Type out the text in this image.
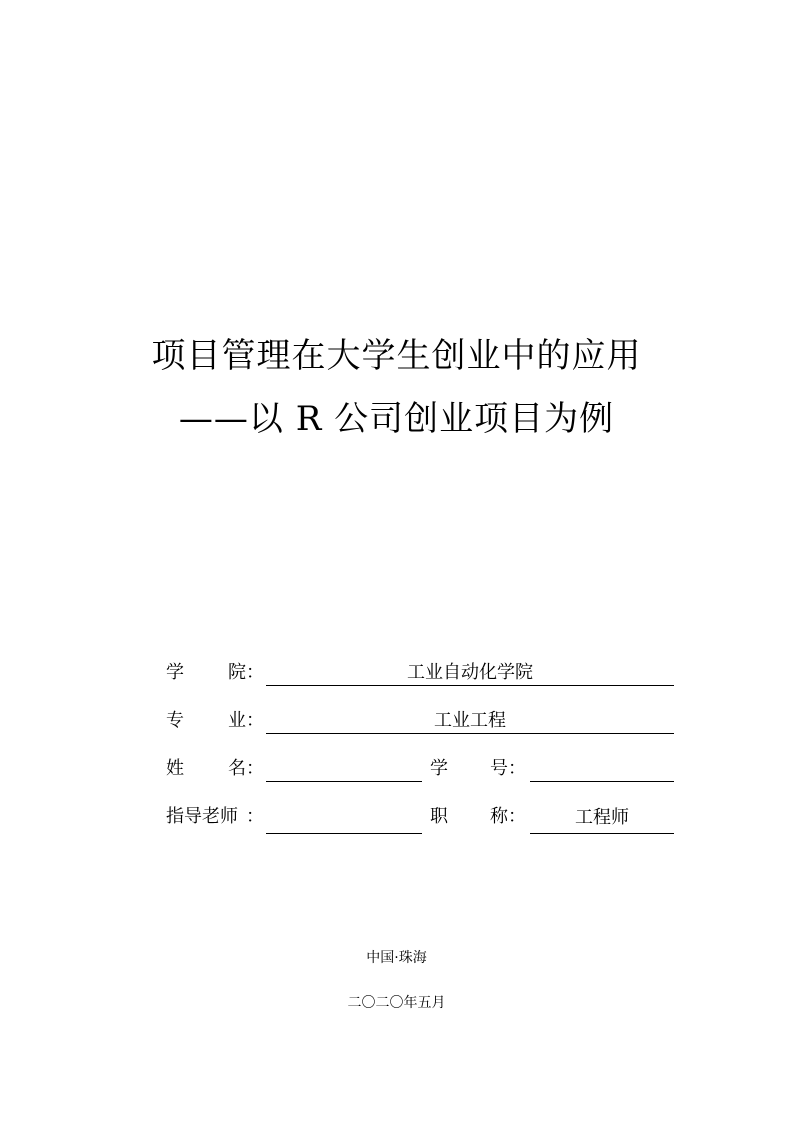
项目管理在大学生创业中的应用
——以 R 公司创业项目为例
学 院 ：	工业自动化学院
专 业 ：	工业工程
姓 名 ：	学 号 ：
指导老师 ：	职 称 ：	工程师
中国·珠海
二〇二〇年五月
